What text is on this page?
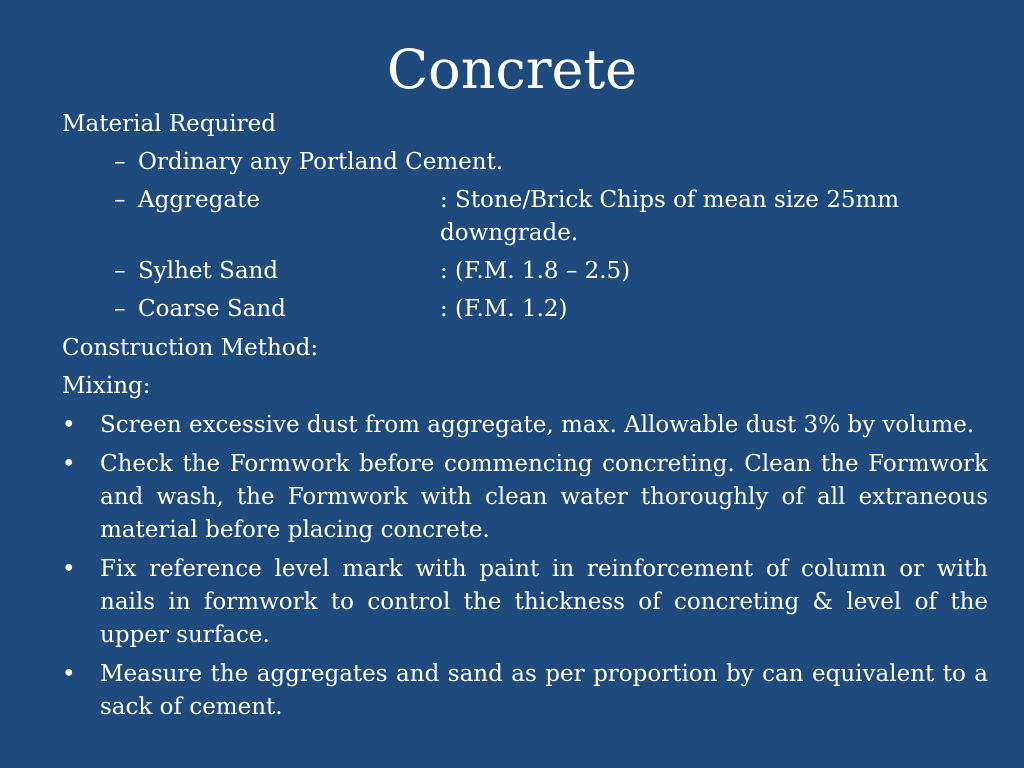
Concrete

Material Required

– Ordinary any Portland Cement.
– Aggregate	: Stone/Brick Chips of mean size 25mm downgrade.
– Sylhet Sand	: (F.M. 1.8 – 2.5)
– Coarse Sand	: (F.M. 1.2)

Construction Method:

Mixing:

•	Screen excessive dust from aggregate, max. Allowable dust 3% by volume.
•	Check the Formwork before commencing concreting. Clean the Formwork and wash, the Formwork with clean water thoroughly of all extraneous material before placing concrete.
•	Fix reference level mark with paint in reinforcement of column or with nails in formwork to control the thickness of concreting & level of the upper surface.
•	Measure the aggregates and sand as per proportion by can equivalent to a sack of cement.
